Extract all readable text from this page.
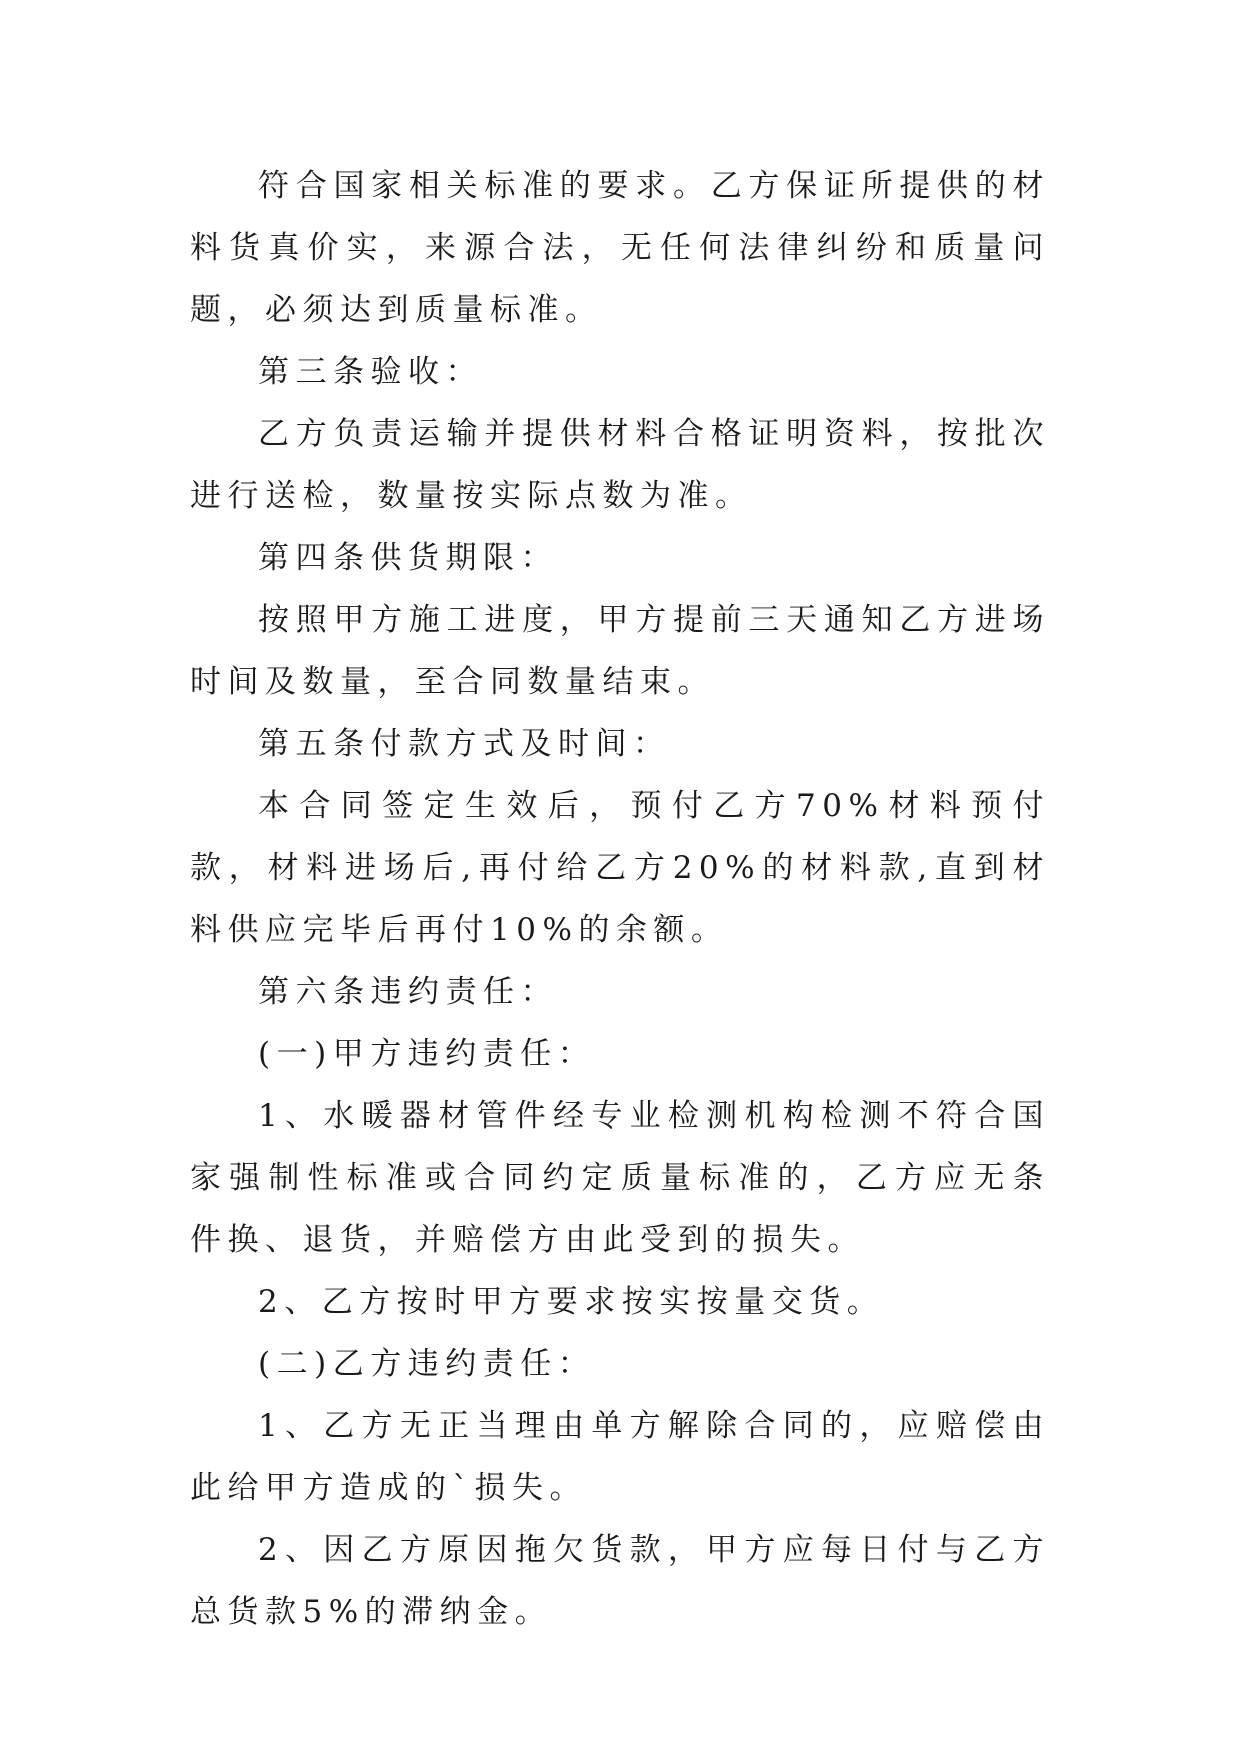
符合国家相关标准的要求。乙方保证所提供的材料货真价实，来源合法，无任何法律纠纷和质量问题，必须达到质量标准。

第三条验收：

乙方负责运输并提供材料合格证明资料，按批次进行送检，数量按实际点数为准。

第四条供货期限：

按照甲方施工进度，甲方提前三天通知乙方进场时间及数量，至合同数量结束。

第五条付款方式及时间：

本合同签定生效后，预付乙方70%材料预付款，材料进场后,再付给乙方20%的材料款,直到材料供应完毕后再付10%的余额。

第六条违约责任：

(一)甲方违约责任：

1、水暖器材管件经专业检测机构检测不符合国家强制性标准或合同约定质量标准的，乙方应无条件换、退货，并赔偿方由此受到的损失。

2、乙方按时甲方要求按实按量交货。

(二)乙方违约责任：

1、乙方无正当理由单方解除合同的，应赔偿由此给甲方造成的`损失。

2、因乙方原因拖欠货款，甲方应每日付与乙方总货款5%的滞纳金。
